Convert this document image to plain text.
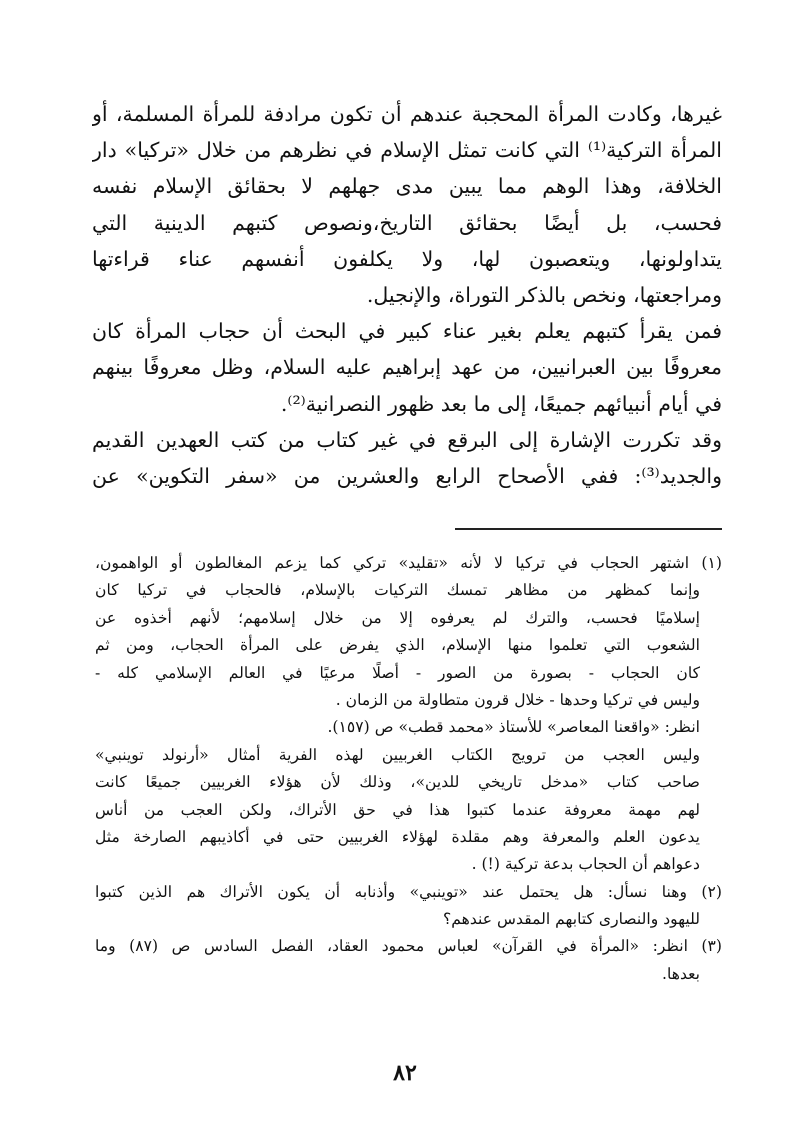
غيرها، وكادت المرأة المحجبة عندهم أن تكون مرادفة للمرأة المسلمة، أو
المرأة التركية⁽¹⁾ التي كانت تمثل الإسلام في نظرهم من خلال «تركيا» دار
الخلافة، وهذا الوهم مما يبين مدى جهلهم لا بحقائق الإسلام نفسه
فحسب، بل أيضًا بحقائق التاريخ،ونصوص كتبهم الدينية التي
يتداولونها، ويتعصبون لها، ولا يكلفون أنفسهم عناء قراءتها
ومراجعتها، ونخص بالذكر التوراة، والإنجيل.
فمن يقرأ كتبهم يعلم بغير عناء كبير في البحث أن حجاب المرأة كان
معروفًا بين العبرانيين، من عهد إبراهيم عليه السلام، وظل معروفًا بينهم
في أيام أنبيائهم جميعًا، إلى ما بعد ظهور النصرانية⁽²⁾.
وقد تكررت الإشارة إلى البرقع في غير كتاب من كتب العهدين القديم
والجديد⁽³⁾: ففي الأصحاح الرابع والعشرين من «سفر التكوين» عن
(١) اشتهر الحجاب في تركيا لا لأنه «تقليد» تركي كما يزعم المغالطون أو الواهمون،
وإنما كمظهر من مظاهر تمسك التركيات بالإسلام، فالحجاب في تركيا كان
إسلاميًا فحسب، والترك لم يعرفوه إلا من خلال إسلامهم؛ لأنهم أخذوه عن
الشعوب التي تعلموا منها الإسلام، الذي يفرض على المرأة الحجاب، ومن ثم
كان الحجاب - بصورة من الصور - أصلًا مرعيًا في العالم الإسلامي كله -
وليس في تركيا وحدها - خلال قرون متطاولة من الزمان .
انظر: «واقعنا المعاصر» للأستاذ «محمد قطب» ص (١٥٧).
وليس العجب من ترويج الكتاب الغربيين لهذه الفرية أمثال «أرنولد توينبي»
صاحب كتاب «مدخل تاريخي للدين»، وذلك لأن هؤلاء الغربيين جميعًا كانت
لهم مهمة معروفة عندما كتبوا هذا في حق الأتراك، ولكن العجب من أناس
يدعون العلم والمعرفة وهم مقلدة لهؤلاء الغربيين حتى في أكاذيبهم الصارخة مثل
دعواهم أن الحجاب بدعة تركية (!) .
(٢) وهنا نسأل: هل يحتمل عند «توينبي» وأذنابه أن يكون الأتراك هم الذين كتبوا
لليهود والنصارى كتابهم المقدس عندهم؟
(٣) انظر: «المرأة في القرآن» لعباس محمود العقاد، الفصل السادس ص (٨٧) وما
بعدها.
٨٢
